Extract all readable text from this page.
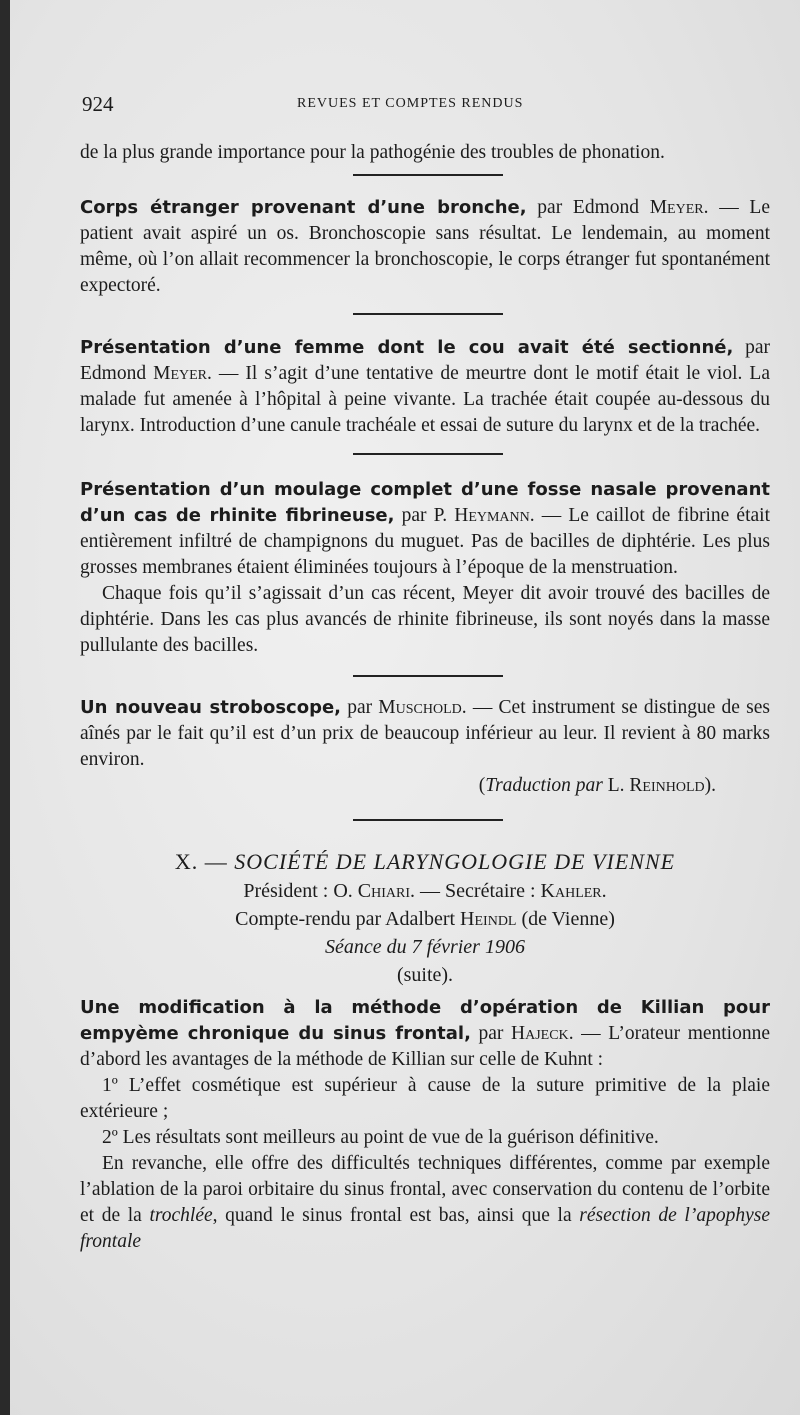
924	REVUES ET COMPTES RENDUS

de la plus grande importance pour la pathogénie des troubles de phonation.

Corps étranger provenant d’une bronche, par Edmond Meyer. — Le patient avait aspiré un os. Bronchoscopie sans résultat. Le lendemain, au moment même, où l’on allait recommencer la bronchoscopie, le corps étranger fut spontanément expectoré.

Présentation d’une femme dont le cou avait été sectionné, par Edmond Meyer. — Il s’agit d’une tentative de meurtre dont le motif était le viol. La malade fut amenée à l’hôpital à peine vivante. La trachée était coupée au-dessous du larynx. Introduction d’une canule trachéale et essai de suture du larynx et de la trachée.

Présentation d’un moulage complet d’une fosse nasale provenant d’un cas de rhinite fibrineuse, par P. Heymann. — Le caillot de fibrine était entièrement infiltré de champignons du muguet. Pas de bacilles de diphtérie. Les plus grosses membranes étaient éliminées toujours à l’époque de la menstruation.

Chaque fois qu’il s’agissait d’un cas récent, Meyer dit avoir trouvé des bacilles de diphtérie. Dans les cas plus avancés de rhinite fibrineuse, ils sont noyés dans la masse pullulante des bacilles.

Un nouveau stroboscope, par Muschold. — Cet instrument se distingue de ses aînés par le fait qu’il est d’un prix de beaucoup inférieur au leur. Il revient à 80 marks environ.

(Traduction par L. Reinhold).

X. — SOCIÉTÉ DE LARYNGOLOGIE DE VIENNE

Président : O. Chiari. — Secrétaire : Kahler.

Compte-rendu par Adalbert Heindl (de Vienne)

Séance du 7 février 1906

(suite).

Une modification à la méthode d’opération de Killian pour empyème chronique du sinus frontal, par Hajeck. — L’orateur mentionne d’abord les avantages de la méthode de Killian sur celle de Kuhnt :

1º L’effet cosmétique est supérieur à cause de la suture primitive de la plaie extérieure ;

2º Les résultats sont meilleurs au point de vue de la guérison définitive.

En revanche, elle offre des difficultés techniques différentes, comme par exemple l’ablation de la paroi orbitaire du sinus frontal, avec conservation du contenu de l’orbite et de la trochlée, quand le sinus frontal est bas, ainsi que la résection de l’apophyse frontale
